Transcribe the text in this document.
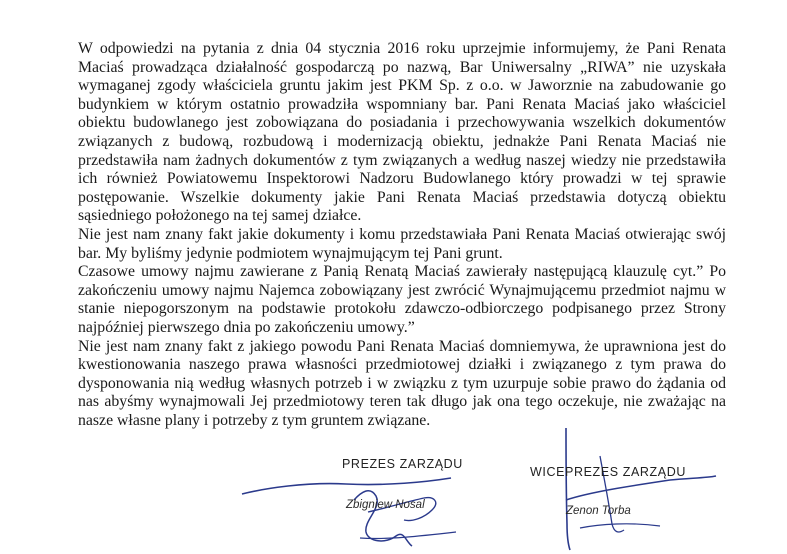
W odpowiedzi na pytania z dnia 04 stycznia 2016 roku uprzejmie informujemy, że Pani Renata Maciaś prowadząca działalność gospodarczą po nazwą, Bar Uniwersalny „RIWA” nie uzyskała wymaganej zgody właściciela gruntu jakim jest PKM Sp. z o.o. w Jaworznie na zabudowanie go budynkiem w którym ostatnio prowadziła wspomniany bar. Pani Renata Maciaś jako właściciel obiektu budowlanego jest zobowiązana do posiadania i przechowywania wszelkich dokumentów związanych z budową, rozbudową i modernizacją obiektu, jednakże Pani Renata Maciaś nie przedstawiła nam żadnych dokumentów z tym związanych a według naszej wiedzy nie przedstawiła ich również Powiatowemu Inspektorowi Nadzoru Budowlanego który prowadzi w tej sprawie postępowanie. Wszelkie dokumenty jakie Pani Renata Maciaś przedstawia dotyczą obiektu sąsiedniego położonego na tej samej działce.

Nie jest nam znany fakt jakie dokumenty i komu przedstawiała Pani Renata Maciaś otwierając swój bar. My byliśmy jedynie podmiotem wynajmującym tej Pani grunt.

Czasowe umowy najmu zawierane z Panią Renatą Maciaś zawierały następującą klauzulę cyt.” Po zakończeniu umowy najmu Najemca zobowiązany jest zwrócić Wynajmującemu przedmiot najmu w stanie niepogorszonym na podstawie protokołu zdawczo-odbiorczego podpisanego przez Strony najpóźniej pierwszego dnia po zakończeniu umowy.”

Nie jest nam znany fakt z jakiego powodu Pani Renata Maciaś domniemywa, że uprawniona jest do kwestionowania naszego prawa własności przedmiotowej działki i związanego z tym prawa do dysponowania nią według własnych potrzeb i w związku z tym uzurpuje sobie prawo do żądania od nas abyśmy wynajmowali Jej przedmiotowy teren tak długo jak ona tego oczekuje, nie zważając na nasze własne plany i potrzeby z tym gruntem związane.

PREZES ZARZĄDU
Zbigniew Nosal
WICEPREZES ZARZĄDU
Zenon Torba
